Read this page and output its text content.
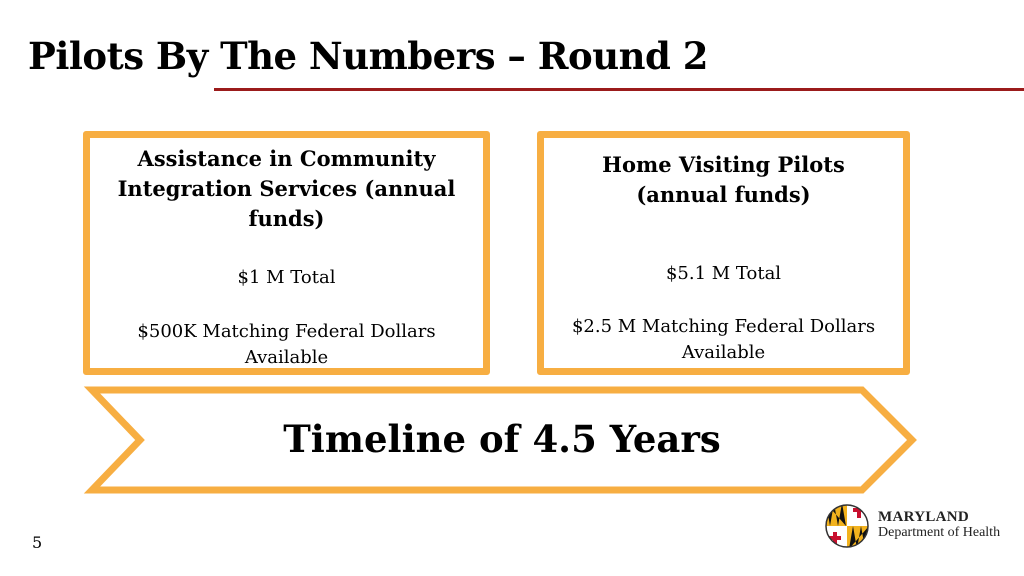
Pilots By The Numbers – Round 2
Assistance in Community Integration Services (annual funds)
$1 M Total
$500K Matching Federal Dollars Available
Home Visiting Pilots (annual funds)
$5.1 M Total
$2.5 M Matching Federal Dollars Available
Timeline of 4.5 Years
5
MARYLAND
Department of Health
